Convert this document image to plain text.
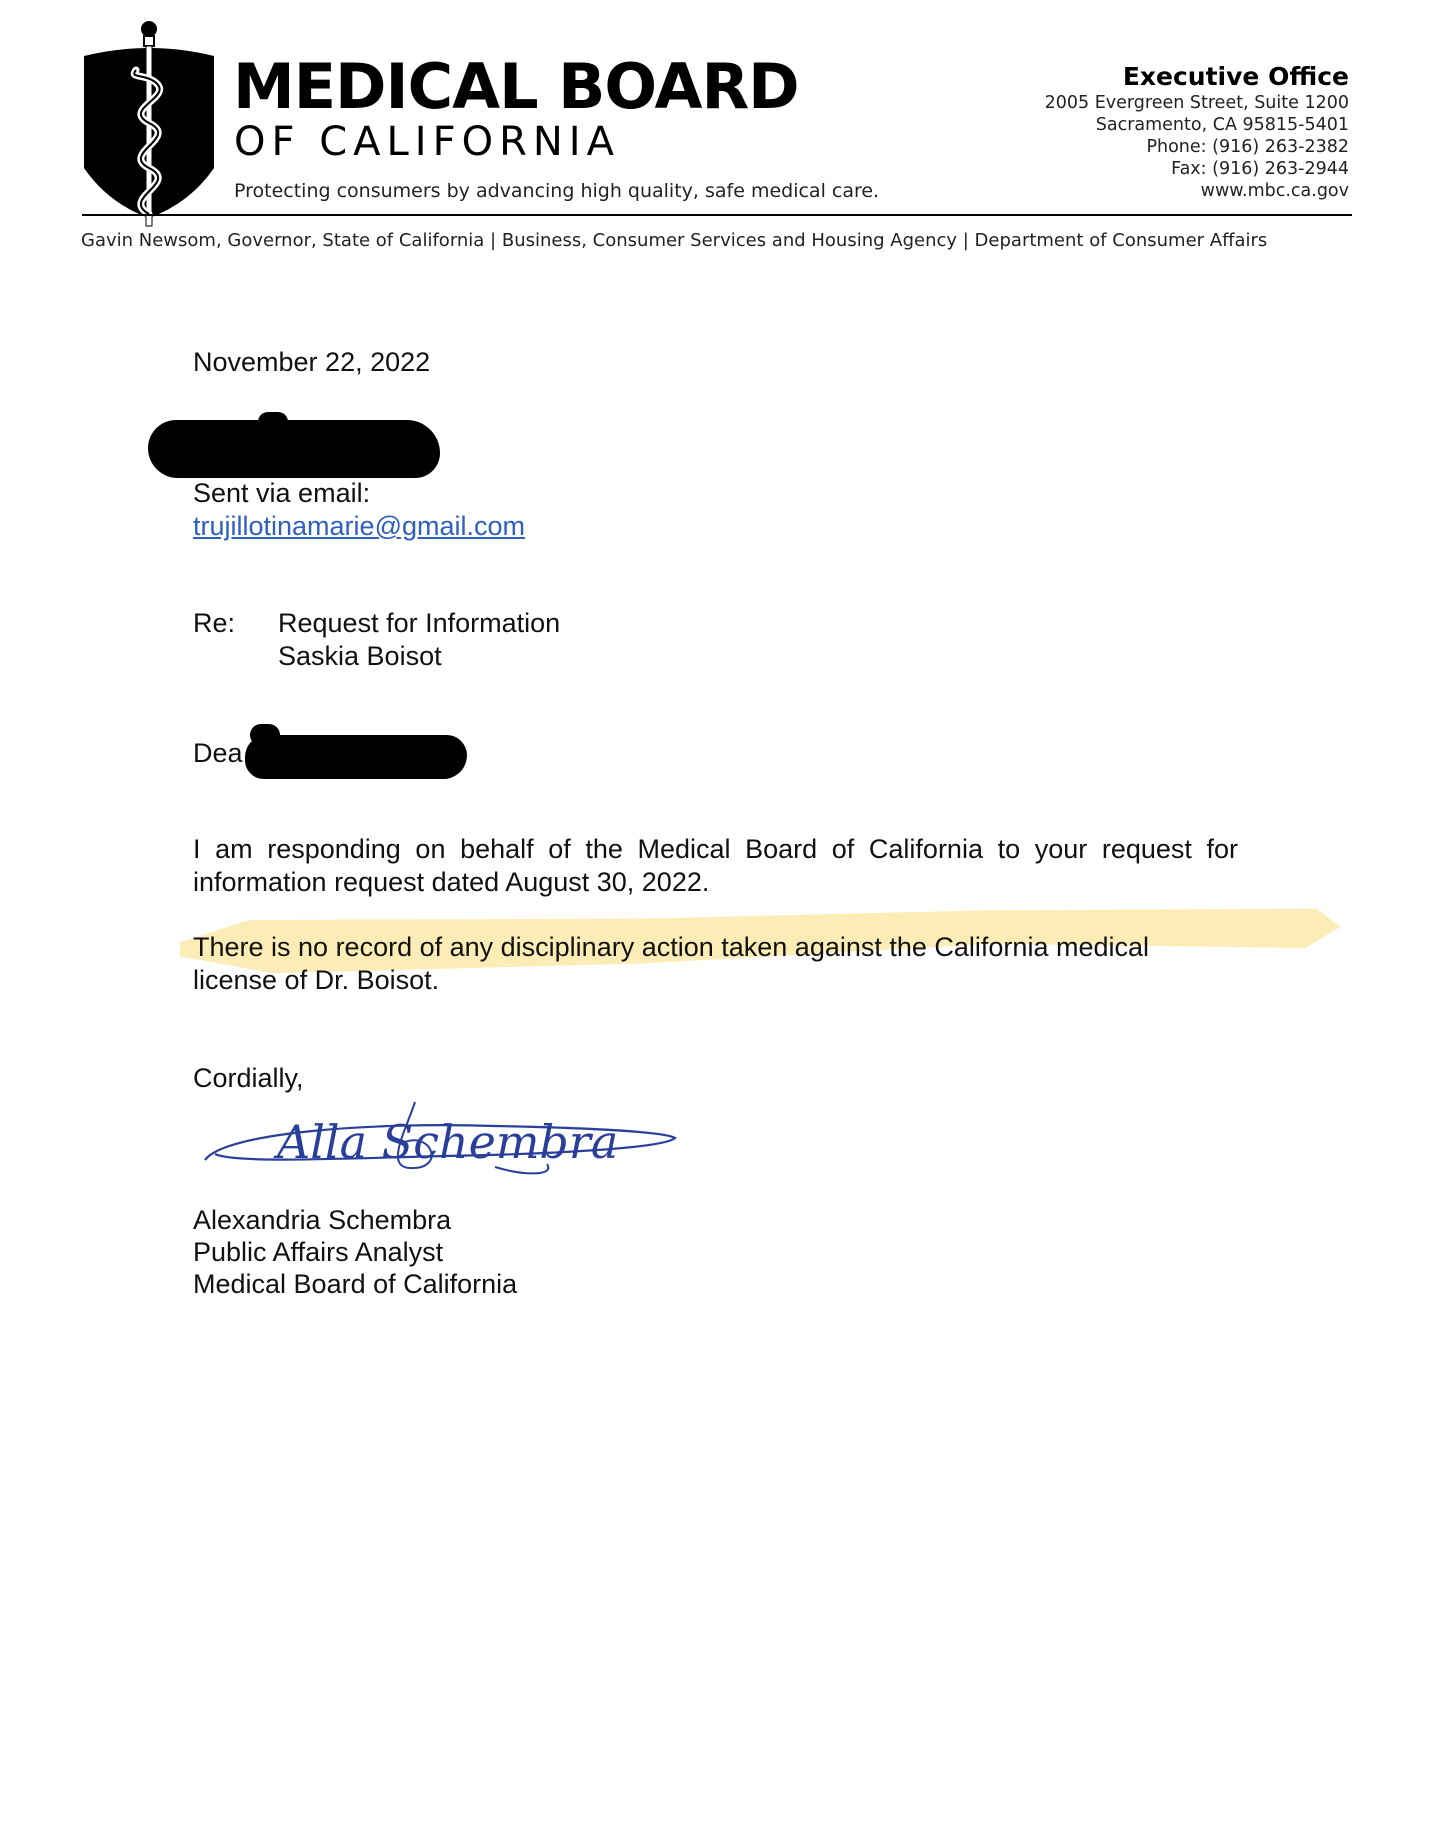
MEDICAL BOARD
OF CALIFORNIA
Protecting consumers by advancing high quality, safe medical care.
Executive Office
2005 Evergreen Street, Suite 1200
Sacramento, CA 95815-5401
Phone: (916) 263-2382
Fax: (916) 263-2944
www.mbc.ca.gov
Gavin Newsom, Governor, State of California | Business, Consumer Services and Housing Agency | Department of Consumer Affairs
November 22, 2022
Sent via email:
trujillotinamarie@gmail.com
Re: Request for Information
Saskia Boisot
Dea
I am responding on behalf of the Medical Board of California to your request for information request dated August 30, 2022.
There is no record of any disciplinary action taken against the California medical
license of Dr. Boisot.
Cordially,
Alla Schembra
Alexandria Schembra
Public Affairs Analyst
Medical Board of California
